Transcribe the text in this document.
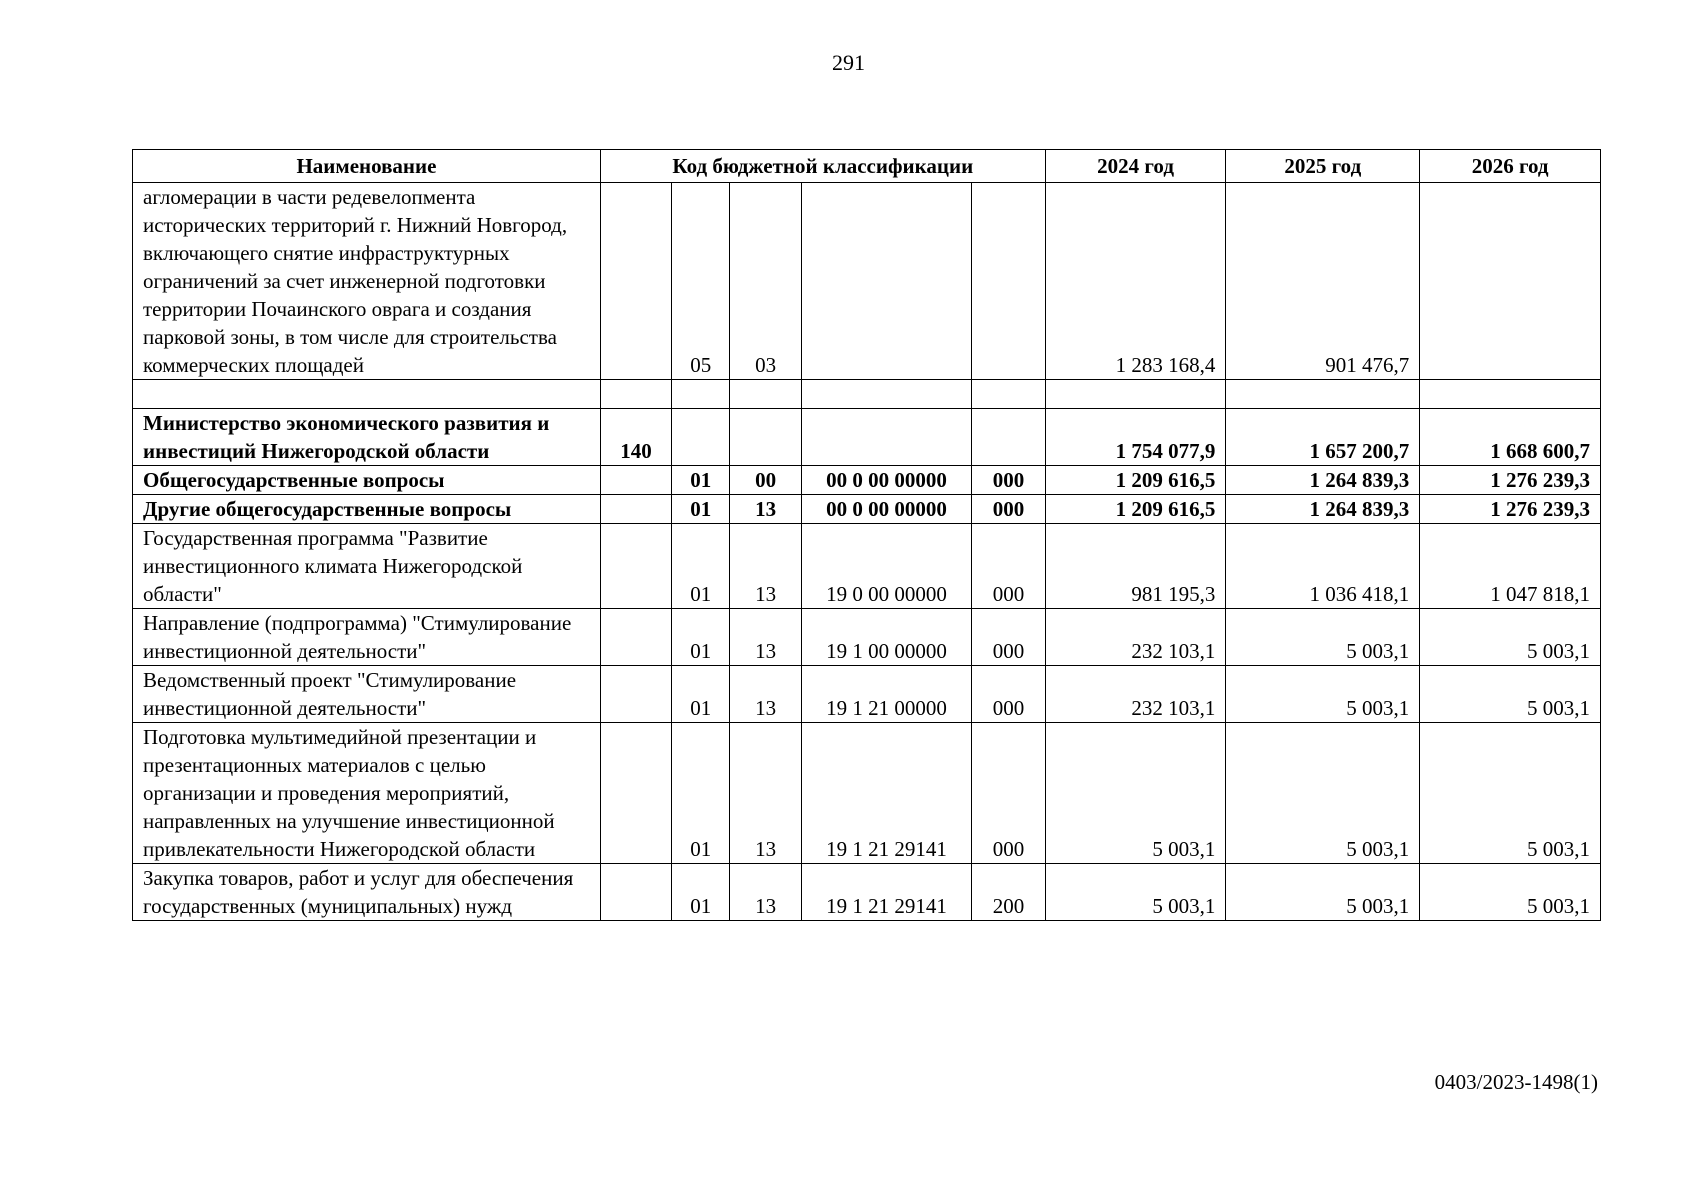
291
Наименование	Код бюджетной классификации					2024 год	2025 год	2026 год
агломерации в части редевелопмента исторических территорий г. Нижний Новгород, включающего снятие инфраструктурных ограничений за счет инженерной подготовки территории Почаинского оврага и создания парковой зоны, в том числе для строительства коммерческих площадей		05	03			1 283 168,4	901 476,7	

Министерство экономического развития и инвестиций Нижегородской области	140					1 754 077,9	1 657 200,7	1 668 600,7
Общегосударственные вопросы		01	00	00 0 00 00000	000	1 209 616,5	1 264 839,3	1 276 239,3
Другие общегосударственные вопросы		01	13	00 0 00 00000	000	1 209 616,5	1 264 839,3	1 276 239,3
Государственная программа "Развитие инвестиционного климата Нижегородской области"		01	13	19 0 00 00000	000	981 195,3	1 036 418,1	1 047 818,1
Направление (подпрограмма) "Стимулирование инвестиционной деятельности"		01	13	19 1 00 00000	000	232 103,1	5 003,1	5 003,1
Ведомственный проект "Стимулирование инвестиционной деятельности"		01	13	19 1 21 00000	000	232 103,1	5 003,1	5 003,1
Подготовка мультимедийной презентации и презентационных материалов с целью организации и проведения мероприятий, направленных на улучшение инвестиционной привлекательности Нижегородской области		01	13	19 1 21 29141	000	5 003,1	5 003,1	5 003,1
Закупка товаров, работ и услуг для обеспечения государственных (муниципальных) нужд		01	13	19 1 21 29141	200	5 003,1	5 003,1	5 003,1
0403/2023-1498(1)
